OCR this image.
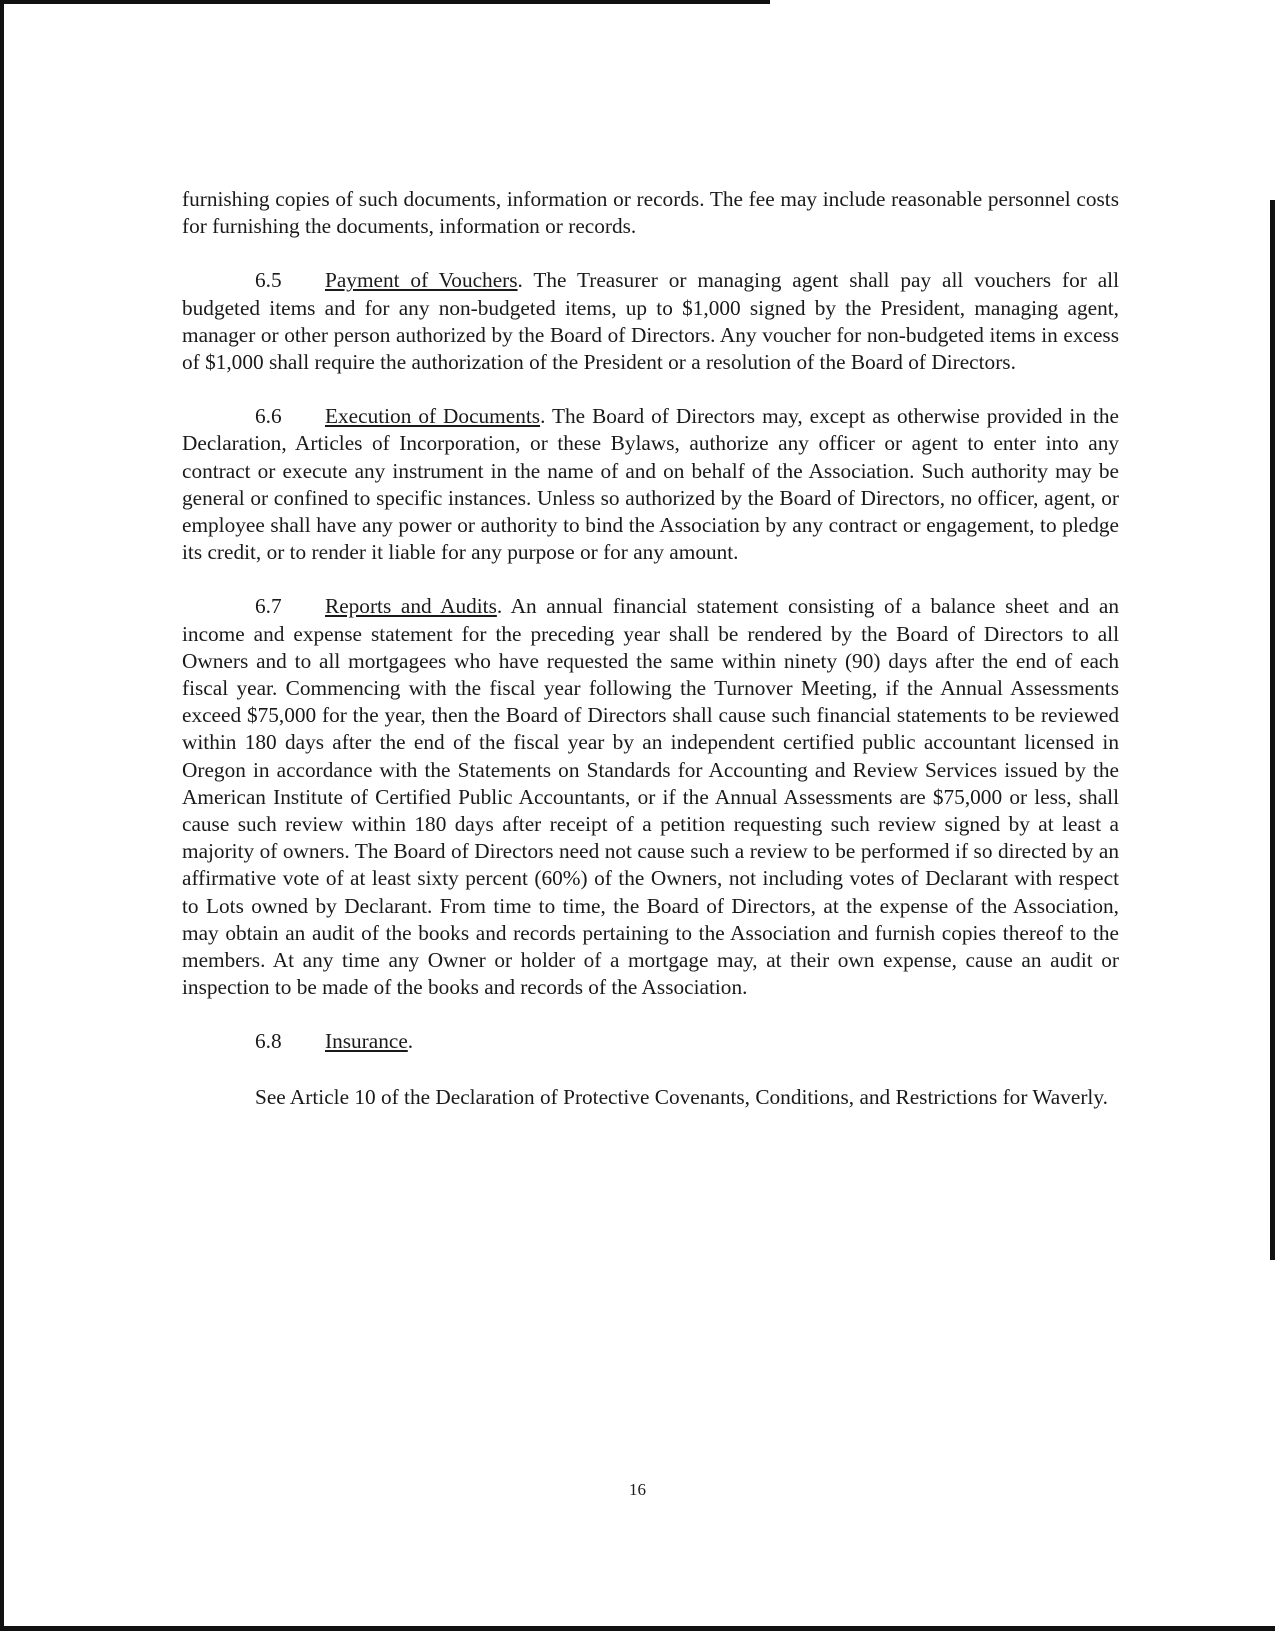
furnishing copies of such documents, information or records. The fee may include reasonable personnel costs for furnishing the documents, information or records.

6.5 Payment of Vouchers. The Treasurer or managing agent shall pay all vouchers for all budgeted items and for any non-budgeted items, up to $1,000 signed by the President, managing agent, manager or other person authorized by the Board of Directors. Any voucher for non-budgeted items in excess of $1,000 shall require the authorization of the President or a resolution of the Board of Directors.

6.6 Execution of Documents. The Board of Directors may, except as otherwise provided in the Declaration, Articles of Incorporation, or these Bylaws, authorize any officer or agent to enter into any contract or execute any instrument in the name of and on behalf of the Association. Such authority may be general or confined to specific instances. Unless so authorized by the Board of Directors, no officer, agent, or employee shall have any power or authority to bind the Association by any contract or engagement, to pledge its credit, or to render it liable for any purpose or for any amount.

6.7 Reports and Audits. An annual financial statement consisting of a balance sheet and an income and expense statement for the preceding year shall be rendered by the Board of Directors to all Owners and to all mortgagees who have requested the same within ninety (90) days after the end of each fiscal year. Commencing with the fiscal year following the Turnover Meeting, if the Annual Assessments exceed $75,000 for the year, then the Board of Directors shall cause such financial statements to be reviewed within 180 days after the end of the fiscal year by an independent certified public accountant licensed in Oregon in accordance with the Statements on Standards for Accounting and Review Services issued by the American Institute of Certified Public Accountants, or if the Annual Assessments are $75,000 or less, shall cause such review within 180 days after receipt of a petition requesting such review signed by at least a majority of owners. The Board of Directors need not cause such a review to be performed if so directed by an affirmative vote of at least sixty percent (60%) of the Owners, not including votes of Declarant with respect to Lots owned by Declarant. From time to time, the Board of Directors, at the expense of the Association, may obtain an audit of the books and records pertaining to the Association and furnish copies thereof to the members. At any time any Owner or holder of a mortgage may, at their own expense, cause an audit or inspection to be made of the books and records of the Association.

6.8 Insurance.

See Article 10 of the Declaration of Protective Covenants, Conditions, and Restrictions for Waverly.

16
